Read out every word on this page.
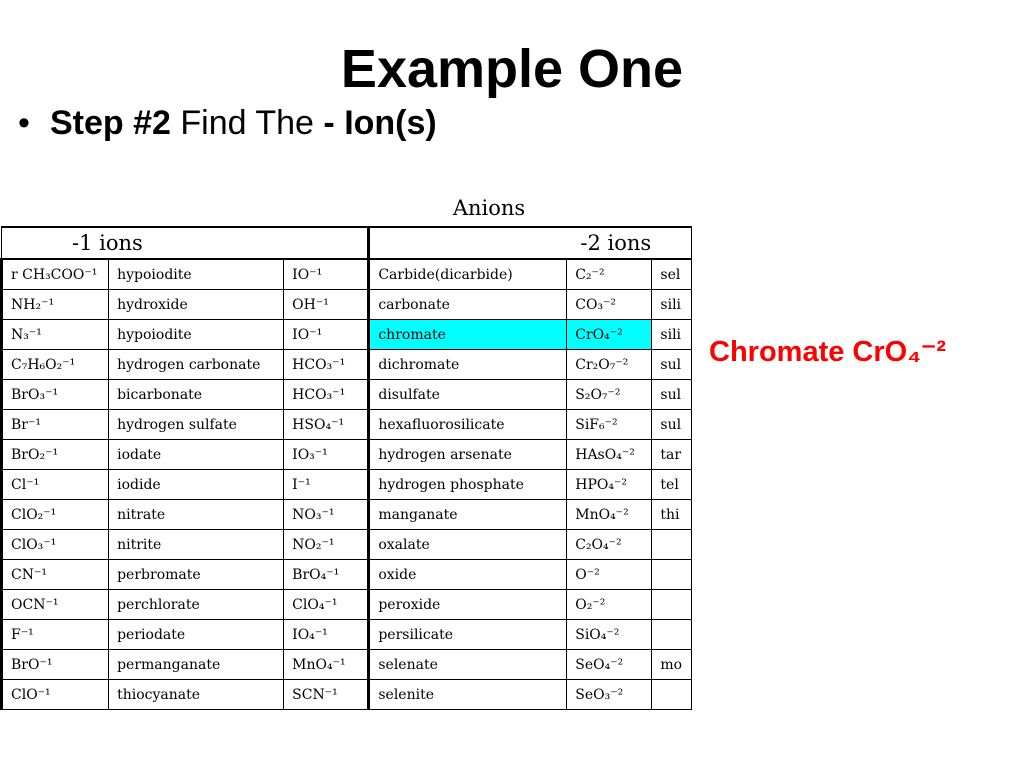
Example One
• Step #2 Find The - Ion(s)
Anions
-1 ions			-2 ions		
r CH₃COO⁻¹	hypoiodite	IO⁻¹	Carbide(dicarbide)	C₂⁻²	sel
NH₂⁻¹	hydroxide	OH⁻¹	carbonate	CO₃⁻²	sili
N₃⁻¹	hypoiodite	IO⁻¹	chromate	CrO₄⁻²	sili
C₇H₆O₂⁻¹	hydrogen carbonate	HCO₃⁻¹	dichromate	Cr₂O₇⁻²	sul
BrO₃⁻¹	bicarbonate	HCO₃⁻¹	disulfate	S₂O₇⁻²	sul
Br⁻¹	hydrogen sulfate	HSO₄⁻¹	hexafluorosilicate	SiF₆⁻²	sul
BrO₂⁻¹	iodate	IO₃⁻¹	hydrogen arsenate	HAsO₄⁻²	tar
Cl⁻¹	iodide	I⁻¹	hydrogen phosphate	HPO₄⁻²	tel
ClO₂⁻¹	nitrate	NO₃⁻¹	manganate	MnO₄⁻²	thi
ClO₃⁻¹	nitrite	NO₂⁻¹	oxalate	C₂O₄⁻²	
CN⁻¹	perbromate	BrO₄⁻¹	oxide	O⁻²	
OCN⁻¹	perchlorate	ClO₄⁻¹	peroxide	O₂⁻²	
F⁻¹	periodate	IO₄⁻¹	persilicate	SiO₄⁻²	
BrO⁻¹	permanganate	MnO₄⁻¹	selenate	SeO₄⁻²	mo
ClO⁻¹	thiocyanate	SCN⁻¹	selenite	SeO₃⁻²	
Chromate CrO₄⁻²
